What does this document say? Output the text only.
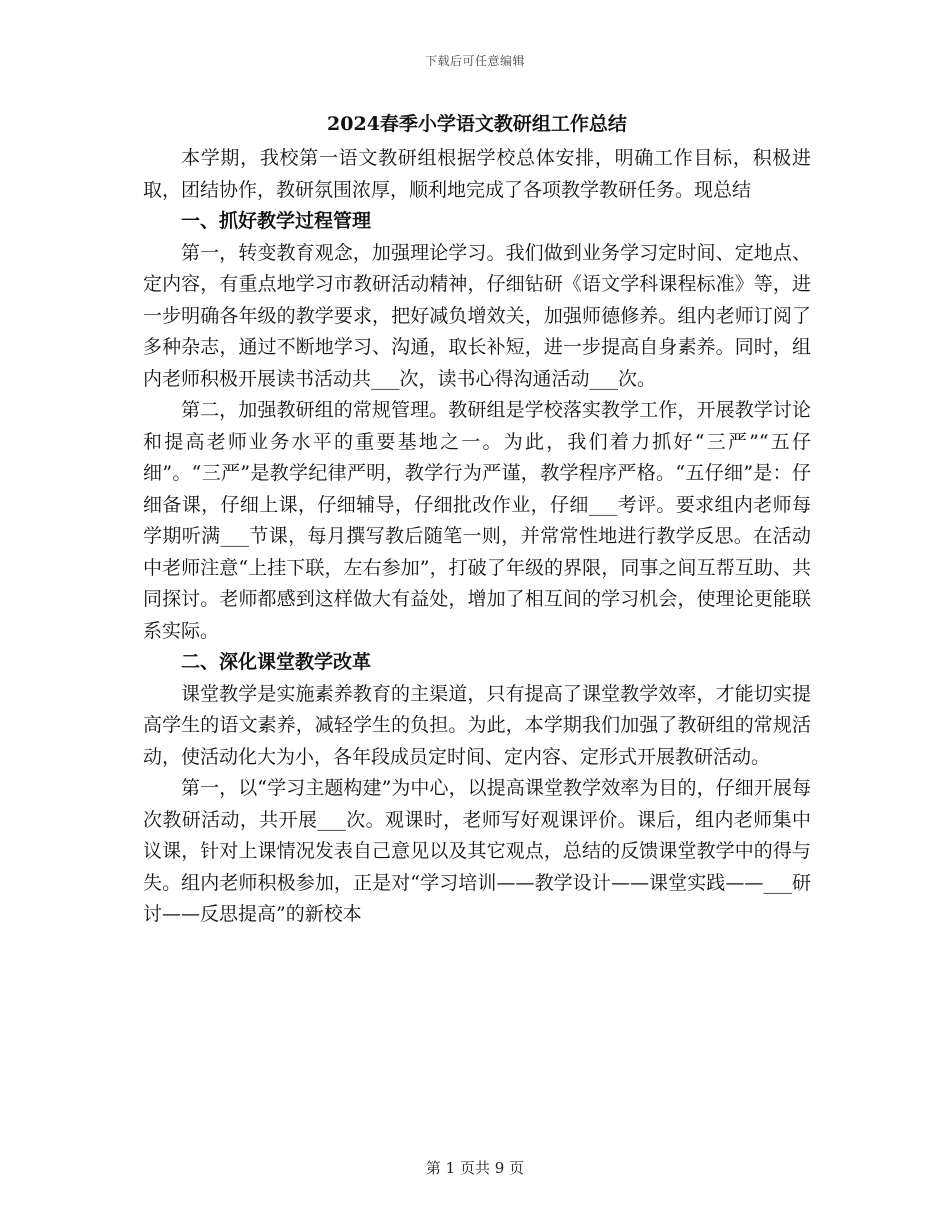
下载后可任意编辑
2024春季小学语文教研组工作总结

本学期，我校第一语文教研组根据学校总体安排，明确工作目标，积极进取，团结协作，教研氛围浓厚，顺利地完成了各项教学教研任务。现总结

一、抓好教学过程管理

第一，转变教育观念，加强理论学习。我们做到业务学习定时间、定地点、定内容，有重点地学习市教研活动精神，仔细钻研《语文学科课程标准》等，进一步明确各年级的教学要求，把好减负增效关，加强师德修养。组内老师订阅了多种杂志，通过不断地学习、沟通，取长补短，进一步提高自身素养。同时，组内老师积极开展读书活动共___次，读书心得沟通活动___次。

第二，加强教研组的常规管理。教研组是学校落实教学工作，开展教学讨论和提高老师业务水平的重要基地之一。为此，我们着力抓好“三严”“五仔细”。“三严”是教学纪律严明，教学行为严谨，教学程序严格。“五仔细”是：仔细备课，仔细上课，仔细辅导，仔细批改作业，仔细___考评。要求组内老师每学期听满___节课，每月撰写教后随笔一则，并常常性地进行教学反思。在活动中老师注意“上挂下联，左右参加”，打破了年级的界限，同事之间互帮互助、共同探讨。老师都感到这样做大有益处，增加了相互间的学习机会，使理论更能联系实际。

二、深化课堂教学改革

课堂教学是实施素养教育的主渠道，只有提高了课堂教学效率，才能切实提高学生的语文素养，减轻学生的负担。为此，本学期我们加强了教研组的常规活动，使活动化大为小，各年段成员定时间、定内容、定形式开展教研活动。

第一，以“学习主题构建”为中心，以提高课堂教学效率为目的，仔细开展每次教研活动，共开展___次。观课时，老师写好观课评价。课后，组内老师集中议课，针对上课情况发表自己意见以及其它观点，总结的反馈课堂教学中的得与失。组内老师积极参加，正是对“学习培训——教学设计——课堂实践——___研讨——反思提高”的新校本

第 1 页共 9 页
